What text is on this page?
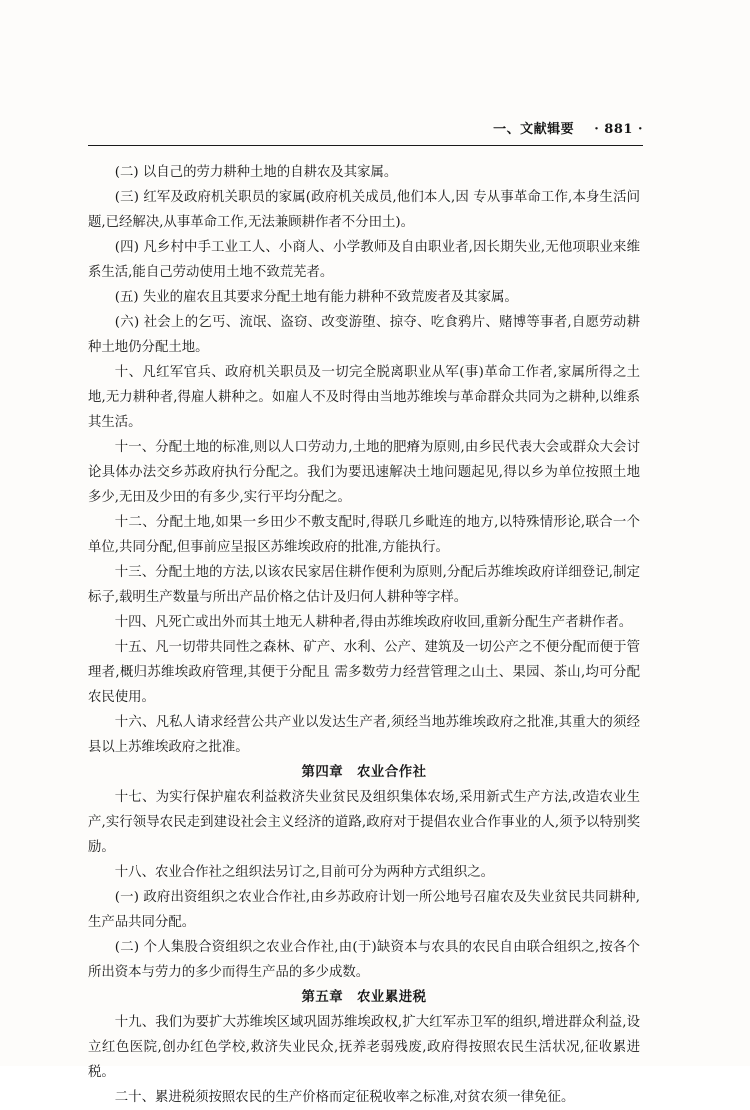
一、文献辑要 · 881 ·

(二) 以自己的劳力耕种土地的自耕农及其家属。

(三) 红军及政府机关职员的家属(政府机关成员,他们本人,因 专从事革命工作,本身生活问题,已经解决,从事革命工作,无法兼顾耕作者不分田土)。

(四) 凡乡村中手工业工人、小商人、小学教师及自由职业者,因长期失业,无他项职业来维系生活,能自己劳动使用土地不致荒芜者。

(五) 失业的雇农且其要求分配土地有能力耕种不致荒废者及其家属。

(六) 社会上的乞丐、流氓、盗窃、改变游堕、掠夺、吃食鸦片、赌博等事者,自愿劳动耕种土地仍分配土地。

十、凡红军官兵、政府机关职员及一切完全脱离职业从军(事)革命工作者,家属所得之土地,无力耕种者,得雇人耕种之。如雇人不及时得由当地苏维埃与革命群众共同为之耕种,以维系其生活。

十一、分配土地的标准,则以人口劳动力,土地的肥瘠为原则,由乡民代表大会或群众大会讨论具体办法交乡苏政府执行分配之。我们为要迅速解决土地问题起见,得以乡为单位按照土地多少,无田及少田的有多少,实行平均分配之。

十二、分配土地,如果一乡田少不敷支配时,得联几乡毗连的地方,以特殊情形论,联合一个单位,共同分配,但事前应呈报区苏维埃政府的批准,方能执行。

十三、分配土地的方法,以该农民家居住耕作便利为原则,分配后苏维埃政府详细登记,制定标子,载明生产数量与所出产品价格之估计及归何人耕种等字样。

十四、凡死亡或出外而其土地无人耕种者,得由苏维埃政府收回,重新分配生产者耕作者。

十五、凡一切带共同性之森林、矿产、水利、公产、建筑及一切公产之不便分配而便于管理者,概归苏维埃政府管理,其便于分配且 需多数劳力经营管理之山土、果园、茶山,均可分配农民使用。

十六、凡私人请求经营公共产业以发达生产者,须经当地苏维埃政府之批准,其重大的须经县以上苏维埃政府之批准。

第四章　农业合作社

十七、为实行保护雇农利益救济失业贫民及组织集体农场,采用新式生产方法,改造农业生产,实行领导农民走到建设社会主义经济的道路,政府对于提倡农业合作事业的人,须予以特别奖励。

十八、农业合作社之组织法另订之,目前可分为两种方式组织之。

(一) 政府出资组织之农业合作社,由乡苏政府计划一所公地号召雇农及失业贫民共同耕种,生产品共同分配。

(二) 个人集股合资组织之农业合作社,由(于)缺资本与农具的农民自由联合组织之,按各个所出资本与劳力的多少而得生产品的多少成数。

第五章　农业累进税

十九、我们为要扩大苏维埃区域巩固苏维埃政权,扩大红军赤卫军的组织,增进群众利益,设立红色医院,创办红色学校,救济失业民众,抚养老弱残废,政府得按照农民生活状况,征收累进税。

二十、累进税须按照农民的生产价格而定征税收率之标准,对贫农须一律免征。
